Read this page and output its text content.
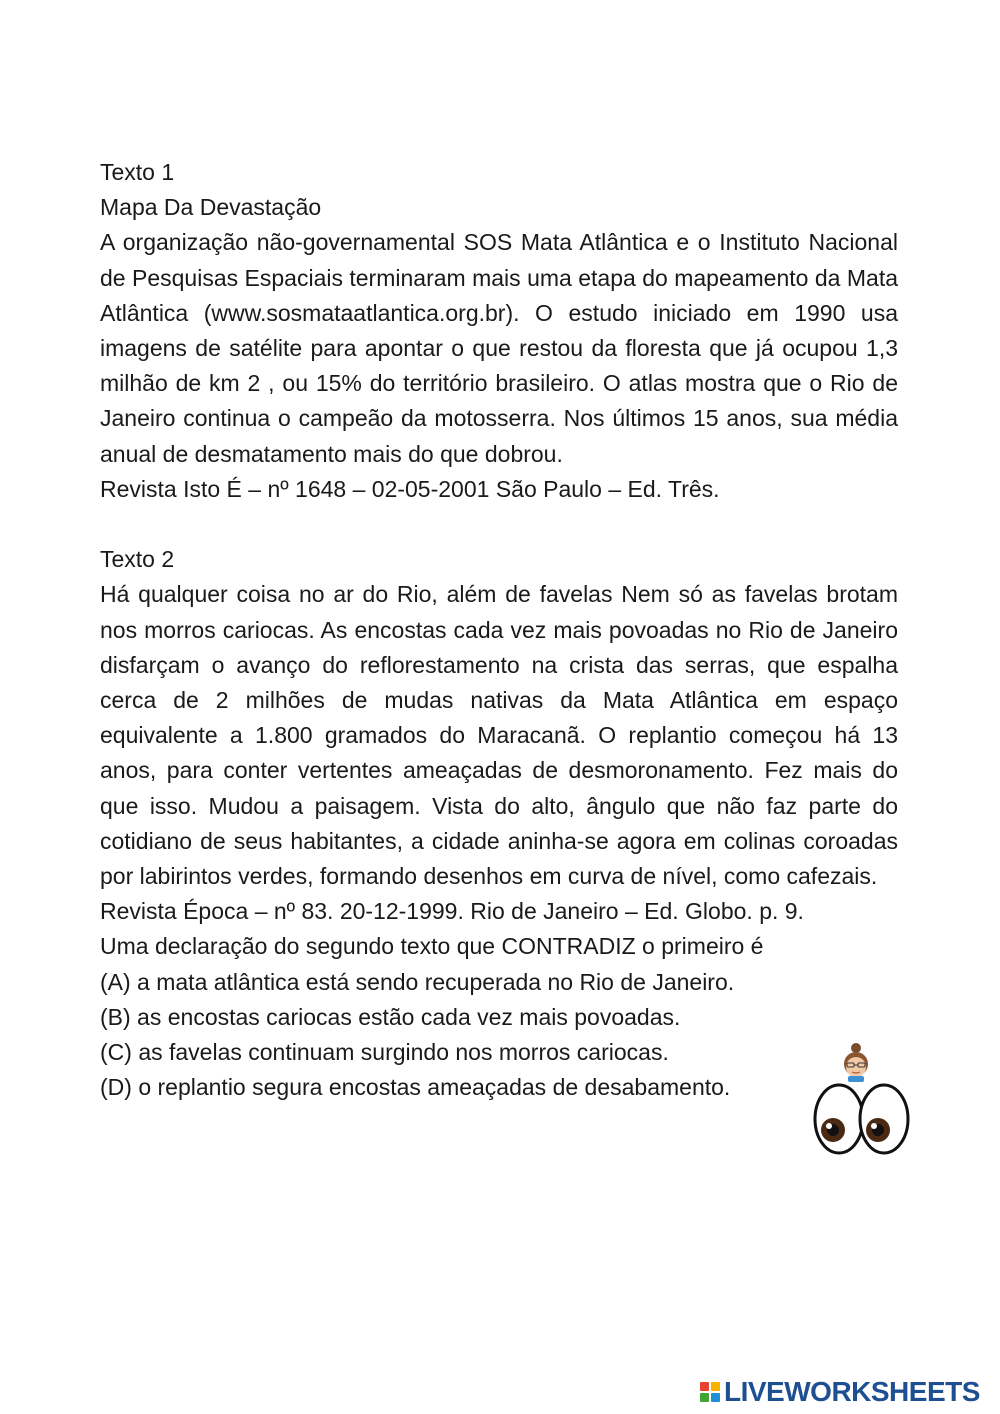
Texto 1
Mapa Da Devastação
A organização não-governamental SOS Mata Atlântica e o Instituto Nacional de Pesquisas Espaciais terminaram mais uma etapa do mapeamento da Mata Atlântica (www.sosmataatlantica.org.br). O estudo iniciado em 1990 usa imagens de satélite para apontar o que restou da floresta que já ocupou 1,3 milhão de km 2 , ou 15% do território brasileiro. O atlas mostra que o Rio de Janeiro continua o campeão da motosserra. Nos últimos 15 anos, sua média anual de desmatamento mais do que dobrou.
Revista Isto É – nº 1648 – 02-05-2001 São Paulo – Ed. Três.
Texto 2
Há qualquer coisa no ar do Rio, além de favelas Nem só as favelas brotam nos morros cariocas. As encostas cada vez mais povoadas no Rio de Janeiro disfarçam o avanço do reflorestamento na crista das serras, que espalha cerca de 2 milhões de mudas nativas da Mata Atlântica em espaço equivalente a 1.800 gramados do Maracanã. O replantio começou há 13 anos, para conter vertentes ameaçadas de desmoronamento. Fez mais do que isso. Mudou a paisagem. Vista do alto, ângulo que não faz parte do cotidiano de seus habitantes, a cidade aninha-se agora em colinas coroadas por labirintos verdes, formando desenhos em curva de nível, como cafezais.
Revista Época – nº 83. 20-12-1999. Rio de Janeiro – Ed. Globo. p. 9.
Uma declaração do segundo texto que CONTRADIZ o primeiro é
(A) a mata atlântica está sendo recuperada no Rio de Janeiro.
(B) as encostas cariocas estão cada vez mais povoadas.
(C) as favelas continuam surgindo nos morros cariocas.
(D) o replantio segura encostas ameaçadas de desabamento.
LIVEWORKSHEETS
